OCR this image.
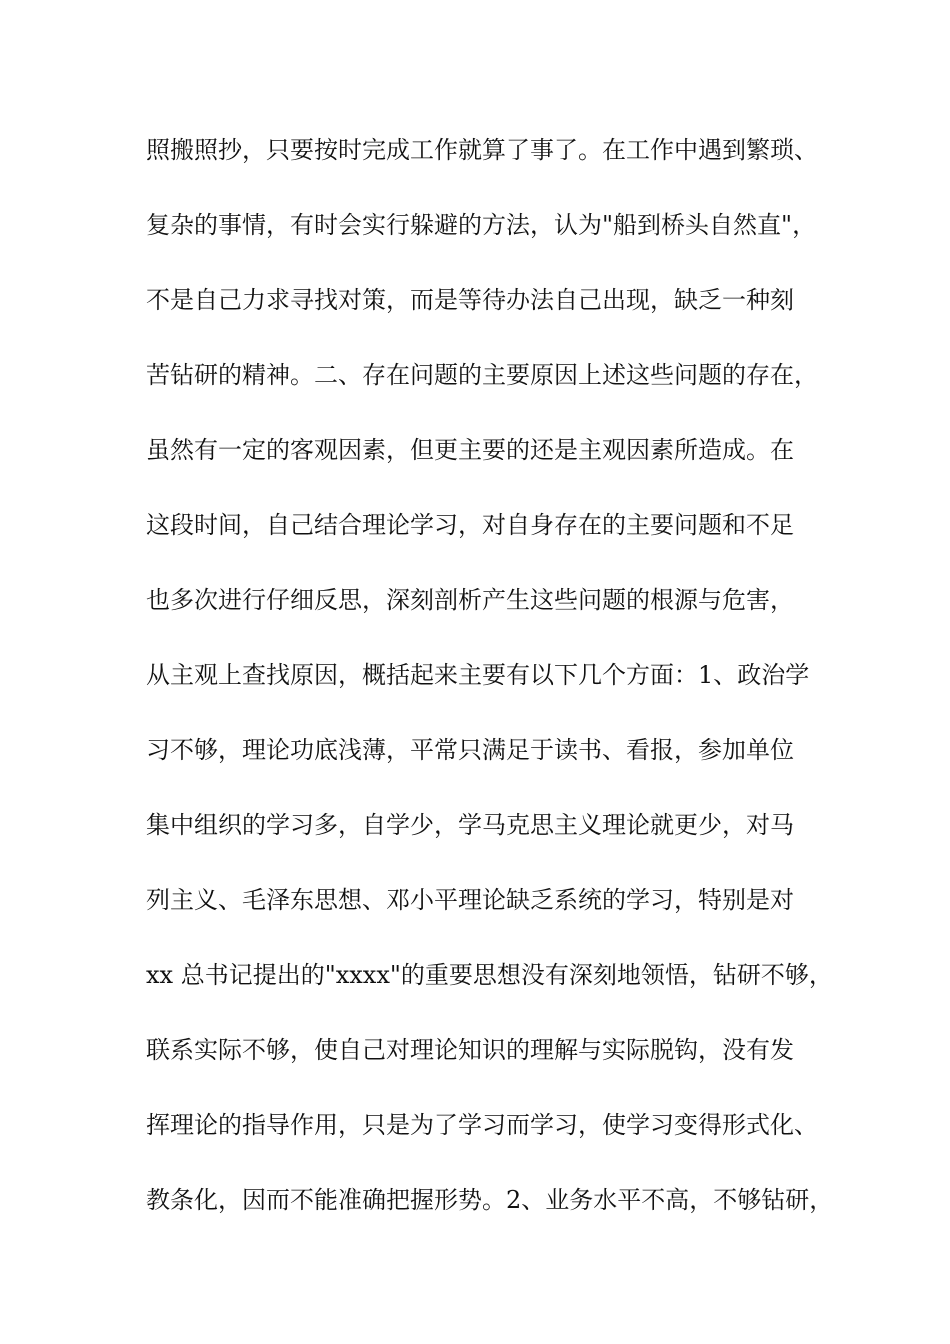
照搬照抄，只要按时完成工作就算了事了。在工作中遇到繁琐、
复杂的事情，有时会实行躲避的方法，认为"船到桥头自然直"，
不是自己力求寻找对策，而是等待办法自己出现，缺乏一种刻
苦钻研的精神。二、存在问题的主要原因上述这些问题的存在，
虽然有一定的客观因素，但更主要的还是主观因素所造成。在
这段时间，自己结合理论学习，对自身存在的主要问题和不足
也多次进行仔细反思，深刻剖析产生这些问题的根源与危害，
从主观上查找原因，概括起来主要有以下几个方面：1、政治学
习不够，理论功底浅薄，平常只满足于读书、看报，参加单位
集中组织的学习多，自学少，学马克思主义理论就更少，对马
列主义、毛泽东思想、邓小平理论缺乏系统的学习，特别是对
xx 总书记提出的"xxxx"的重要思想没有深刻地领悟，钻研不够，
联系实际不够，使自己对理论知识的理解与实际脱钩，没有发
挥理论的指导作用，只是为了学习而学习，使学习变得形式化、
教条化，因而不能准确把握形势。2、业务水平不高，不够钻研，
